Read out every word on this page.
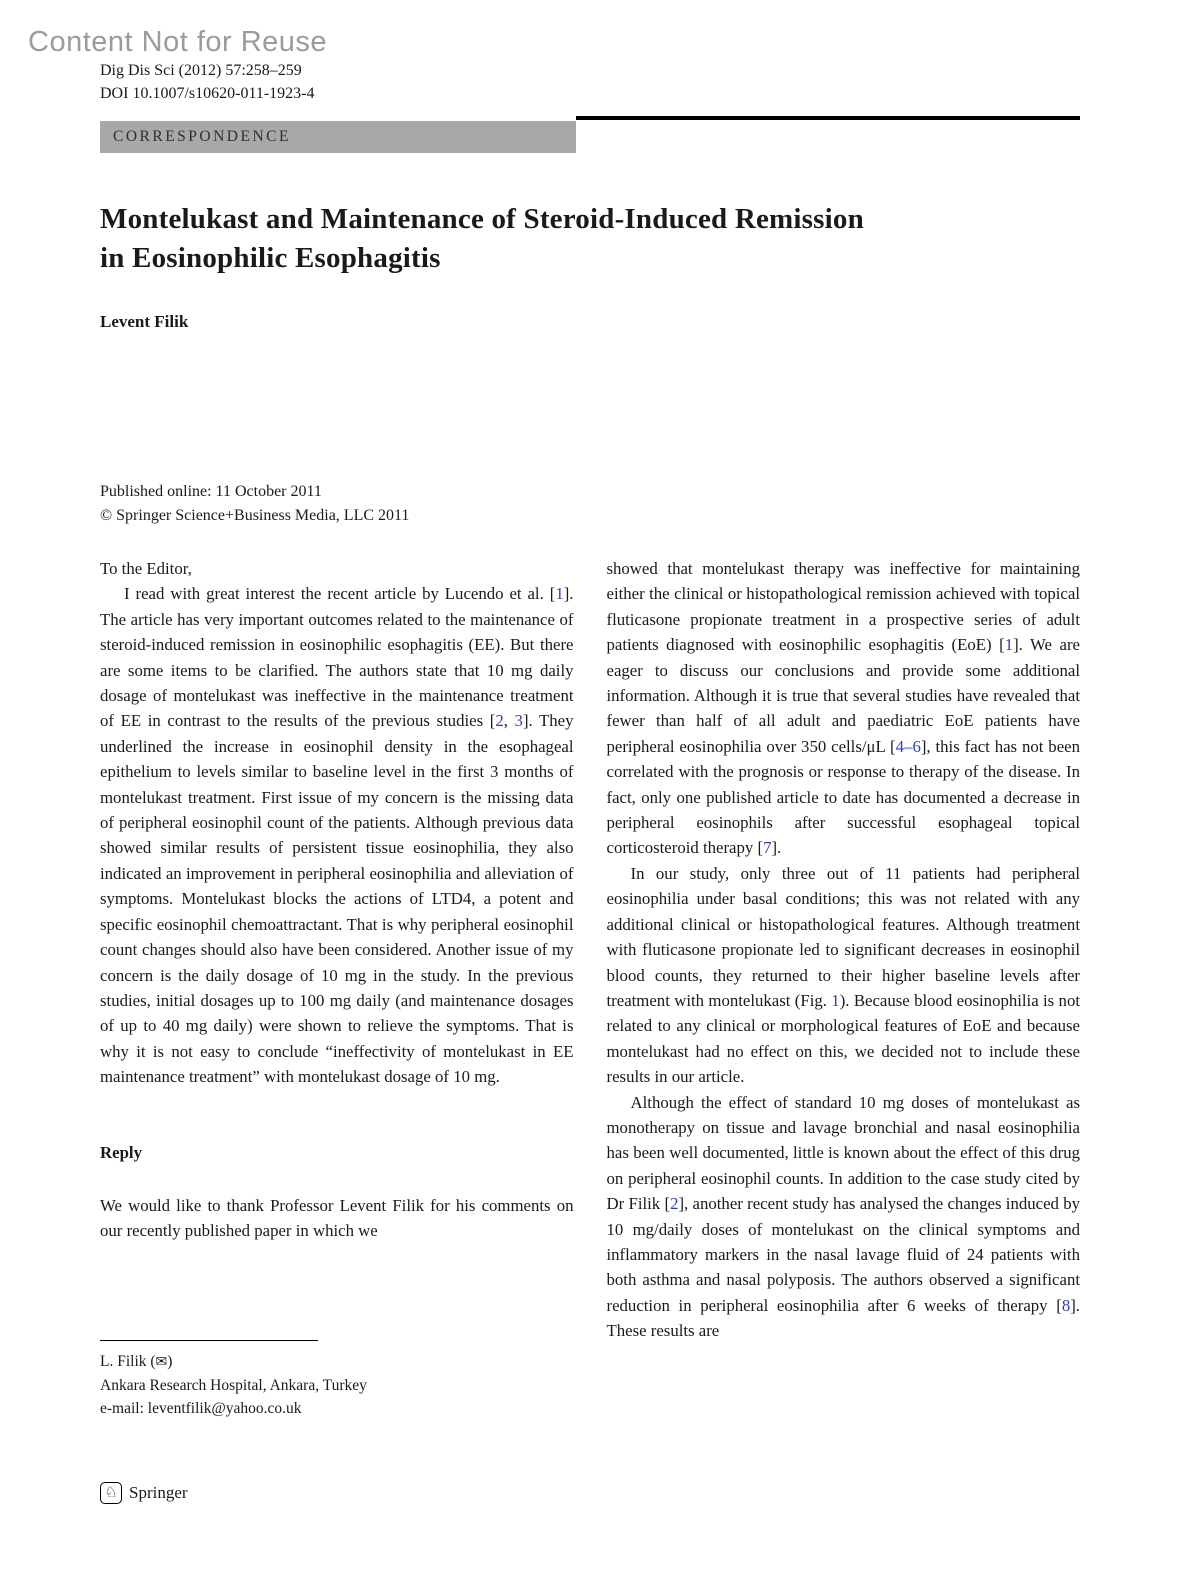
Content Not for Reuse
Dig Dis Sci (2012) 57:258–259
DOI 10.1007/s10620-011-1923-4
CORRESPONDENCE
Montelukast and Maintenance of Steroid-Induced Remission
in Eosinophilic Esophagitis
Levent Filik
Published online: 11 October 2011
© Springer Science+Business Media, LLC 2011

To the Editor,

I read with great interest the recent article by Lucendo et al. [1]. The article has very important outcomes related to the maintenance of steroid-induced remission in eosinophilic esophagitis (EE). But there are some items to be clarified. The authors state that 10 mg daily dosage of montelukast was ineffective in the maintenance treatment of EE in contrast to the results of the previous studies [2, 3]. They underlined the increase in eosinophil density in the esophageal epithelium to levels similar to baseline level in the first 3 months of montelukast treatment. First issue of my concern is the missing data of peripheral eosinophil count of the patients. Although previous data showed similar results of persistent tissue eosinophilia, they also indicated an improvement in peripheral eosinophilia and alleviation of symptoms. Montelukast blocks the actions of LTD4, a potent and specific eosinophil chemoattractant. That is why peripheral eosinophil count changes should also have been considered. Another issue of my concern is the daily dosage of 10 mg in the study. In the previous studies, initial dosages up to 100 mg daily (and maintenance dosages of up to 40 mg daily) were shown to relieve the symptoms. That is why it is not easy to conclude “ineffectivity of montelukast in EE maintenance treatment” with montelukast dosage of 10 mg.

Reply

We would like to thank Professor Levent Filik for his comments on our recently published paper in which we

showed that montelukast therapy was ineffective for maintaining either the clinical or histopathological remission achieved with topical fluticasone propionate treatment in a prospective series of adult patients diagnosed with eosinophilic esophagitis (EoE) [1]. We are eager to discuss our conclusions and provide some additional information. Although it is true that several studies have revealed that fewer than half of all adult and paediatric EoE patients have peripheral eosinophilia over 350 cells/μL [4–6], this fact has not been correlated with the prognosis or response to therapy of the disease. In fact, only one published article to date has documented a decrease in peripheral eosinophils after successful esophageal topical corticosteroid therapy [7].

In our study, only three out of 11 patients had peripheral eosinophilia under basal conditions; this was not related with any additional clinical or histopathological features. Although treatment with fluticasone propionate led to significant decreases in eosinophil blood counts, they returned to their higher baseline levels after treatment with montelukast (Fig. 1). Because blood eosinophilia is not related to any clinical or morphological features of EoE and because montelukast had no effect on this, we decided not to include these results in our article.

Although the effect of standard 10 mg doses of montelukast as monotherapy on tissue and lavage bronchial and nasal eosinophilia has been well documented, little is known about the effect of this drug on peripheral eosinophil counts. In addition to the case study cited by Dr Filik [2], another recent study has analysed the changes induced by 10 mg/daily doses of montelukast on the clinical symptoms and inflammatory markers in the nasal lavage fluid of 24 patients with both asthma and nasal polyposis. The authors observed a significant reduction in peripheral eosinophilia after 6 weeks of therapy [8]. These results are

L. Filik (✉)
Ankara Research Hospital, Ankara, Turkey
e-mail: leventfilik@yahoo.co.uk
♘ Springer
